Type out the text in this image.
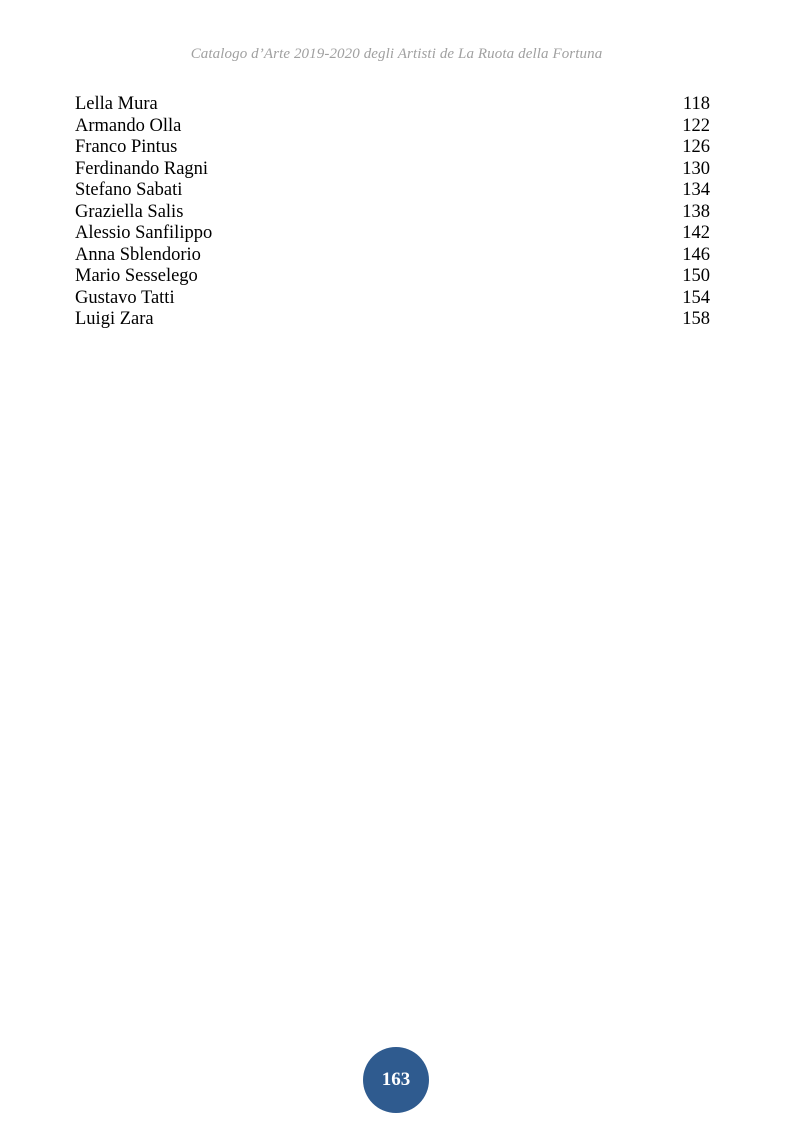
Catalogo d’Arte 2019-2020 degli Artisti de La Ruota della Fortuna
Lella Mura	118
Armando Olla	122
Franco Pintus	126
Ferdinando Ragni	130
Stefano Sabati	134
Graziella Salis	138
Alessio Sanfilippo	142
Anna Sblendorio	146
Mario Sesselego	150
Gustavo Tatti	154
Luigi Zara	158
163
